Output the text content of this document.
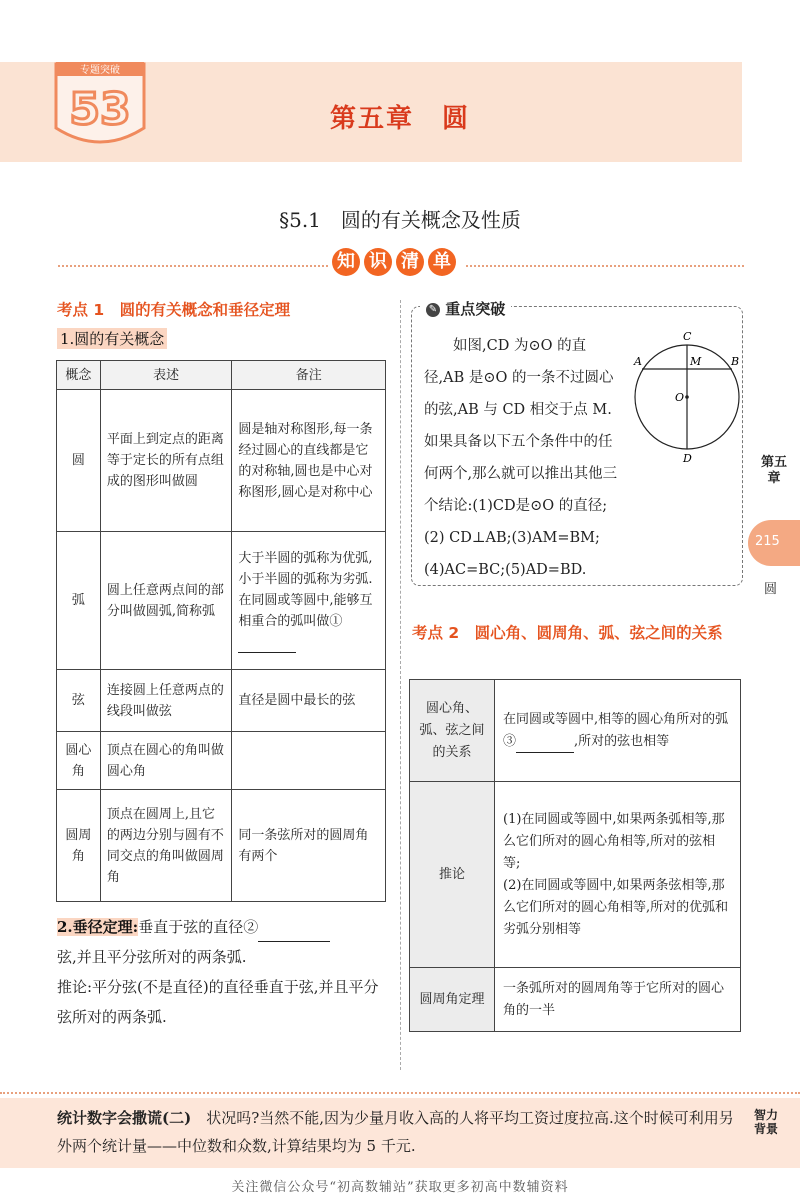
专题突破
53	第五章　圆
§5.1　圆的有关概念及性质
知 识 清 单
考点 1　圆的有关概念和垂径定理
1.圆的有关概念
概念	表述	备注
圆	平面上到定点的距离等于定长的所有点组成的图形叫做圆	圆是轴对称图形,每一条经过圆心的直线都是它的对称轴,圆也是中心对称图形,圆心是对称中心
弧	圆上任意两点间的部分叫做圆弧,简称弧	大于半圆的弧称为优弧,小于半圆的弧称为劣弧.在同圆或等圆中,能够互相重合的弧叫做①
弦	连接圆上任意两点的线段叫做弦	直径是圆中最长的弦
圆心角	顶点在圆心的角叫做圆心角	
圆周角	顶点在圆周上,且它的两边分别与圆有不同交点的角叫做圆周角	同一条弦所对的圆周角有两个
2.垂径定理:垂直于弦的直径②
弦,并且平分弦所对的两条弧.
推论:平分弦(不是直径)的直径垂直于弦,并且平分弦所对的两条弧.
✎ 重点突破
A	B
C
D
M
O
如图,CD 为⊙O 的直径,AB 是⊙O 的一条不过圆心的弦,AB 与 CD 相交于点 M.如果具备以下五个条件中的任何两个,那么就可以推出其他三个结论:(1)CD是⊙O 的直径;(2) CD⊥AB;(3)AM=BM;(4)AC=BC;(5)AD=BD.
考点 2　圆心角、圆周角、弧、弦之间的关系
圆心角、弧、弦之间的关系	在同圆或等圆中,相等的圆心角所对的弧③ ,所对的弦也相等
推论	(1)在同圆或等圆中,如果两条弧相等,那么它们所对的圆心角相等,所对的弦相等;
(2)在同圆或等圆中,如果两条弦相等,那么它们所对的圆心角相等,所对的优弧和劣弧分别相等

圆周角定理	一条弧所对的圆周角等于它所对的圆心角的一半
第五章
215
圆
统计数字会撒谎(二)　 状况吗?当然不能,因为少量月收入高的人将平均工资过度拉高.这个时候可利用另外两个统计量——中位数和众数,计算结果均为 5 千元.
智力背景
关注微信公众号“初高数辅站”获取更多初高中数辅资料
